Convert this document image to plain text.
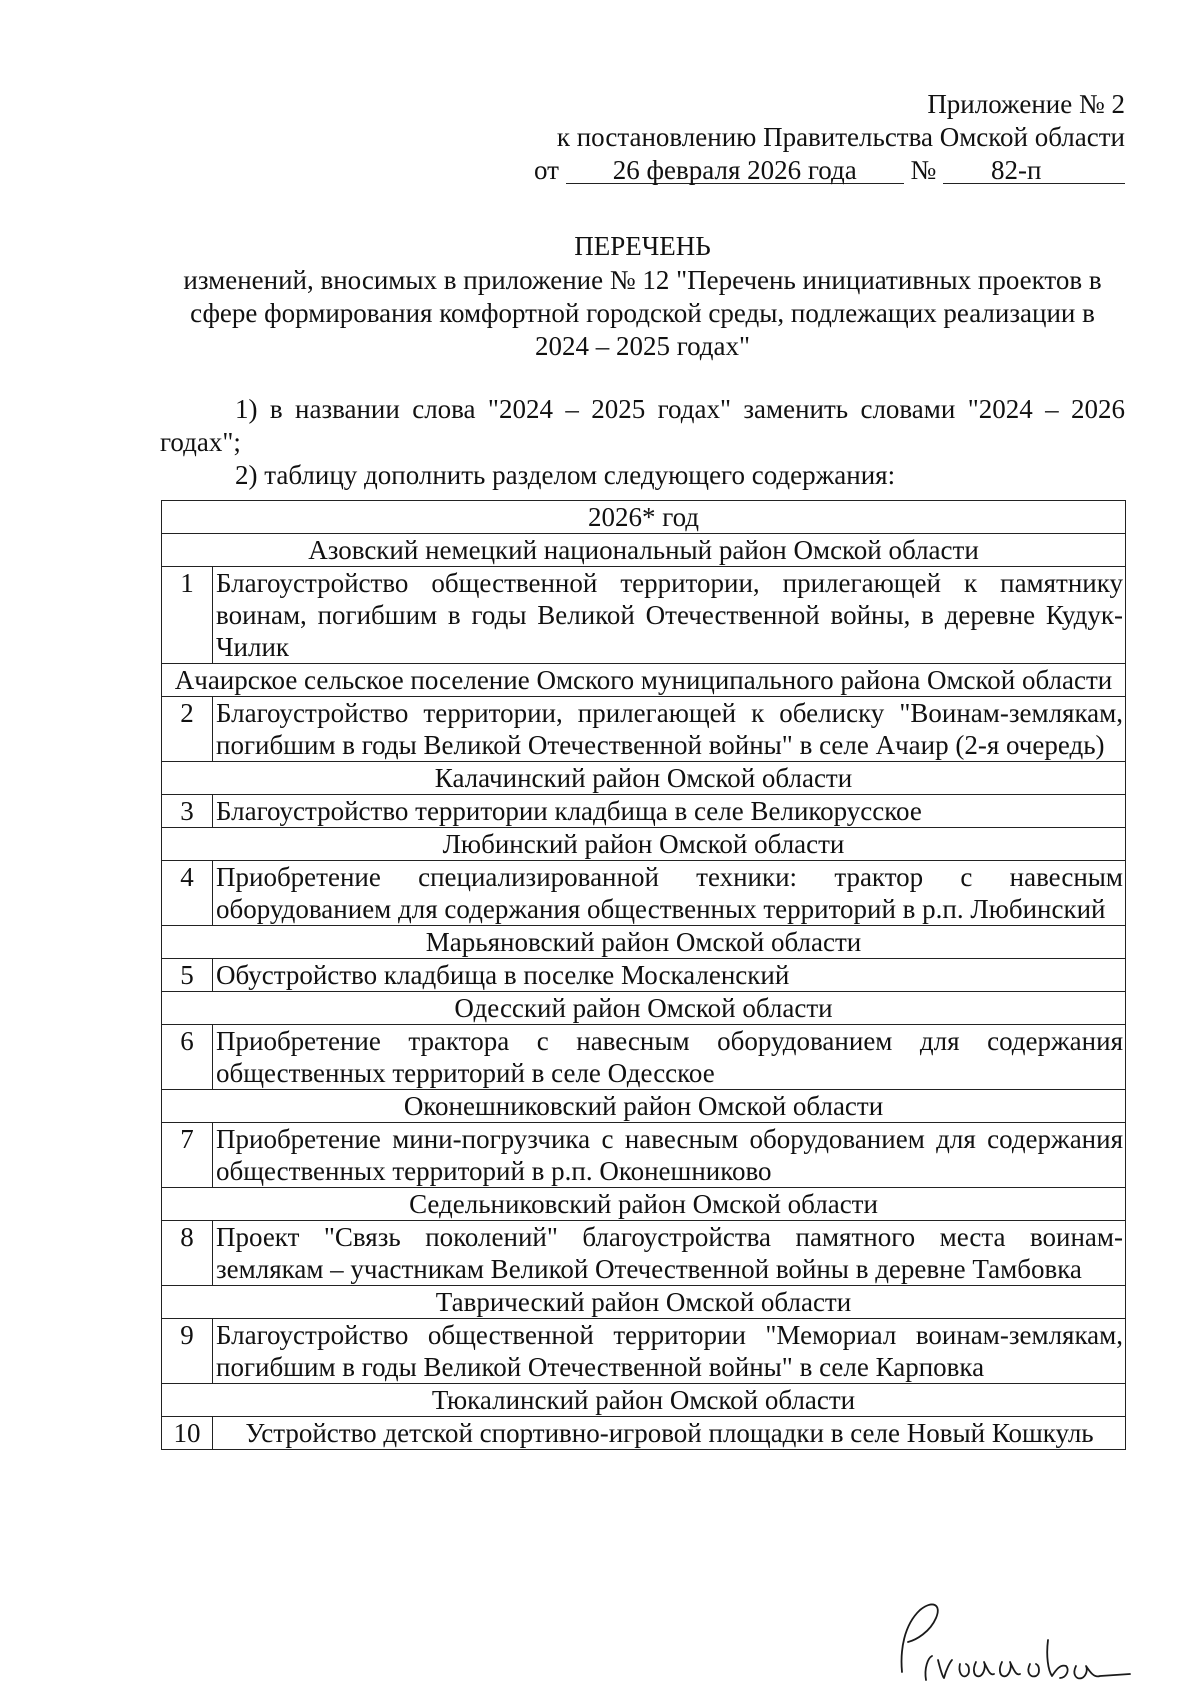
Приложение № 2
к постановлению Правительства Омской области
от 26 февраля 2026 года № 82-п
ПЕРЕЧЕНЬ
изменений, вносимых в приложение № 12 "Перечень инициативных проектов в сфере формирования комфортной городской среды, подлежащих реализации в 2024 – 2025 годах"
1) в названии слова "2024 – 2025 годах" заменить словами "2024 – 2026 годах";
2) таблицу дополнить разделом следующего содержания:
2026* год	
Азовский немецкий национальный район Омской области	
1	Благоустройство общественной территории, прилегающей к памятнику воинам, погибшим в годы Великой Отечественной войны, в деревне Кудук-Чилик
Ачаирское сельское поселение Омского муниципального района Омской области	
2	Благоустройство территории, прилегающей к обелиску "Воинам-землякам, погибшим в годы Великой Отечественной войны" в селе Ачаир (2-я очередь)
Калачинский район Омской области	
3	Благоустройство территории кладбища в селе Великорусское
Любинский район Омской области	
4	Приобретение специализированной техники: трактор с навесным оборудованием для содержания общественных территорий в р.п. Любинский
Марьяновский район Омской области	
5	Обустройство кладбища в поселке Москаленский
Одесский район Омской области	
6	Приобретение трактора с навесным оборудованием для содержания общественных территорий в селе Одесское
Оконешниковский район Омской области	
7	Приобретение мини-погрузчика с навесным оборудованием для содержания общественных территорий в р.п. Оконешниково
Седельниковский район Омской области	
8	Проект "Связь поколений" благоустройства памятного места воинам-землякам – участникам Великой Отечественной войны в деревне Тамбовка
Таврический район Омской области	
9	Благоустройство общественной территории "Мемориал воинам-землякам, погибшим в годы Великой Отечественной войны" в селе Карповка
Тюкалинский район Омской области	
10	Устройство детской спортивно-игровой площадки в селе Новый Кошкуль
